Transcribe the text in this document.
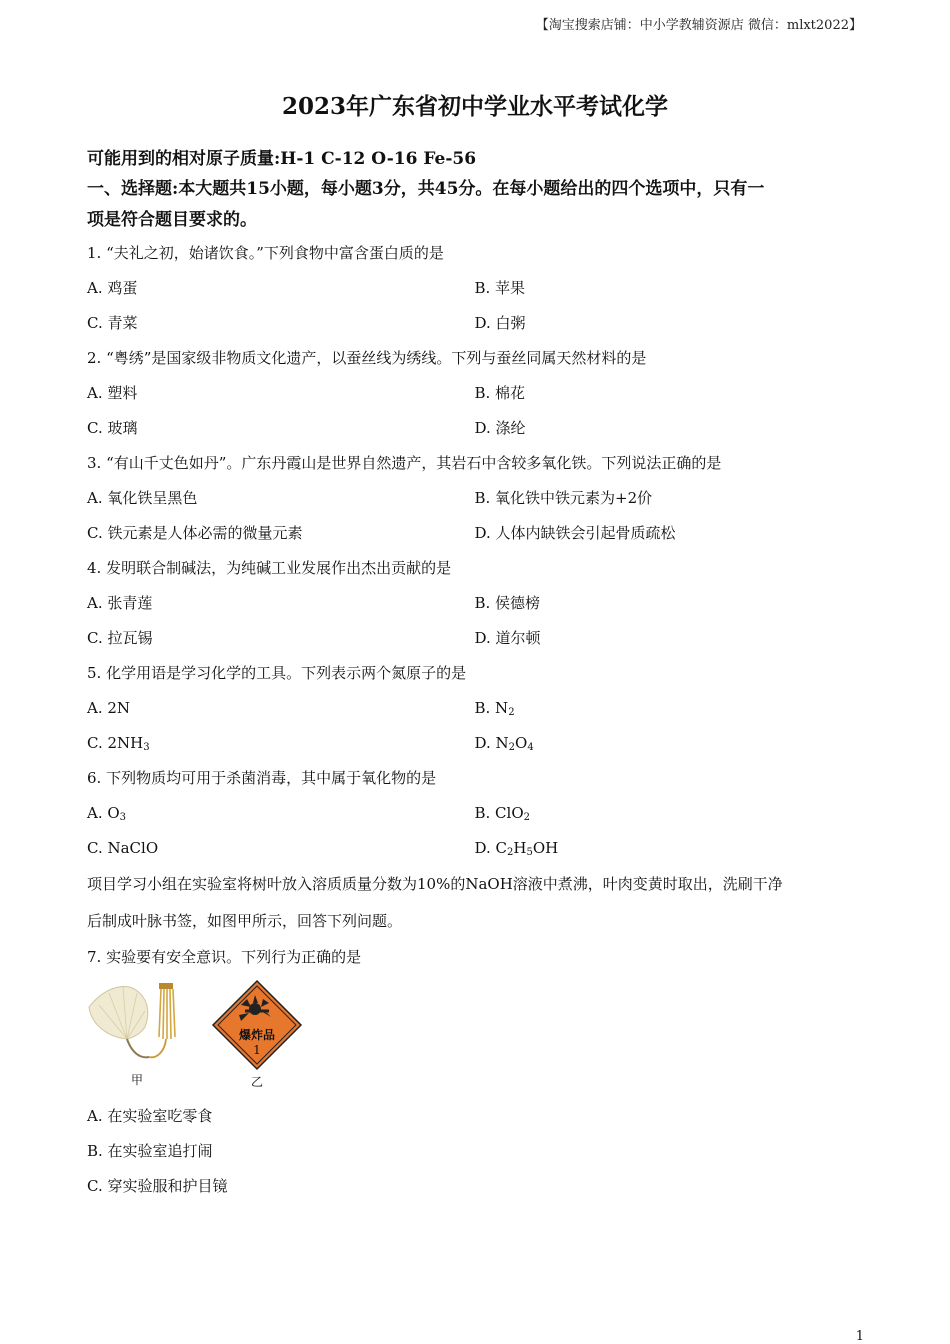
【淘宝搜索店铺：中小学教辅资源店 微信：mlxt2022】
2023年广东省初中学业水平考试化学
可能用到的相对原子质量:H-1 C-12 O-16 Fe-56
一、选择题:本大题共15小题，每小题3分，共45分。在每小题给出的四个选项中，只有一
项是符合题目要求的。
1. “夫礼之初，始诸饮食。”下列食物中富含蛋白质的是
A. 鸡蛋	B. 苹果
C. 青菜	D. 白粥
2. “粤绣”是国家级非物质文化遗产，以蚕丝线为绣线。下列与蚕丝同属天然材料的是
A. 塑料	B. 棉花
C. 玻璃	D. 涤纶
3. “有山千丈色如丹”。广东丹霞山是世界自然遗产，其岩石中含较多氧化铁。下列说法正确的是
A. 氧化铁呈黑色	B. 氧化铁中铁元素为+2价
C. 铁元素是人体必需的微量元素	D. 人体内缺铁会引起骨质疏松
4. 发明联合制碱法，为纯碱工业发展作出杰出贡献的是
A. 张青莲	B. 侯德榜
C. 拉瓦锡	D. 道尔顿
5. 化学用语是学习化学的工具。下列表示两个氮原子的是
A. 2N	B. $N_2$
C. $2NH_3$	D. $N_2O_4$
6. 下列物质均可用于杀菌消毒，其中属于氧化物的是
A. $O_3$	B. ClO$_2$
C. NaClO	D. $C_2H_5OH$
项目学习小组在实验室将树叶放入溶质质量分数为10%的NaOH溶液中煮沸，叶肉变黄时取出，洗刷干净
后制成叶脉书签，如图甲所示，回答下列问题。
7. 实验要有安全意识。下列行为正确的是
甲
爆炸品
1
乙
A. 在实验室吃零食
B. 在实验室追打闹
C. 穿实验服和护目镜
1
